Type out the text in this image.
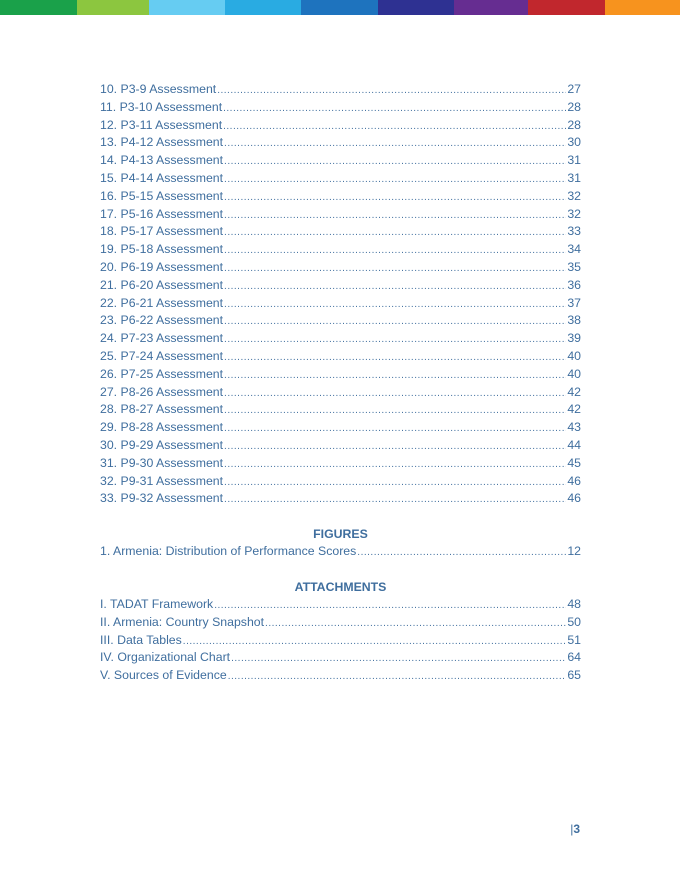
10. P3-9 Assessment .....	27
11. P3-10 Assessment .....	28
12. P3-11 Assessment .....	28
13. P4-12 Assessment .....	30
14. P4-13 Assessment .....	31
15. P4-14 Assessment .....	31
16. P5-15 Assessment .....	32
17. P5-16 Assessment .....	32
18. P5-17 Assessment .....	33
19. P5-18 Assessment .....	34
20. P6-19 Assessment .....	35
21. P6-20 Assessment .....	36
22. P6-21 Assessment .....	37
23. P6-22 Assessment .....	38
24. P7-23 Assessment .....	39
25. P7-24 Assessment .....	40
26. P7-25 Assessment .....	40
27. P8-26 Assessment .....	42
28. P8-27 Assessment .....	42
29. P8-28 Assessment .....	43
30. P9-29 Assessment .....	44
31. P9-30 Assessment .....	45
32. P9-31 Assessment .....	46
33. P9-32 Assessment .....	46
FIGURES
1. Armenia: Distribution of Performance Scores .....	12
ATTACHMENTS
I. TADAT Framework .....	48
II. Armenia: Country Snapshot .....	50
III. Data Tables .....	51
IV. Organizational Chart .....	64
V. Sources of Evidence .....	65
|3
